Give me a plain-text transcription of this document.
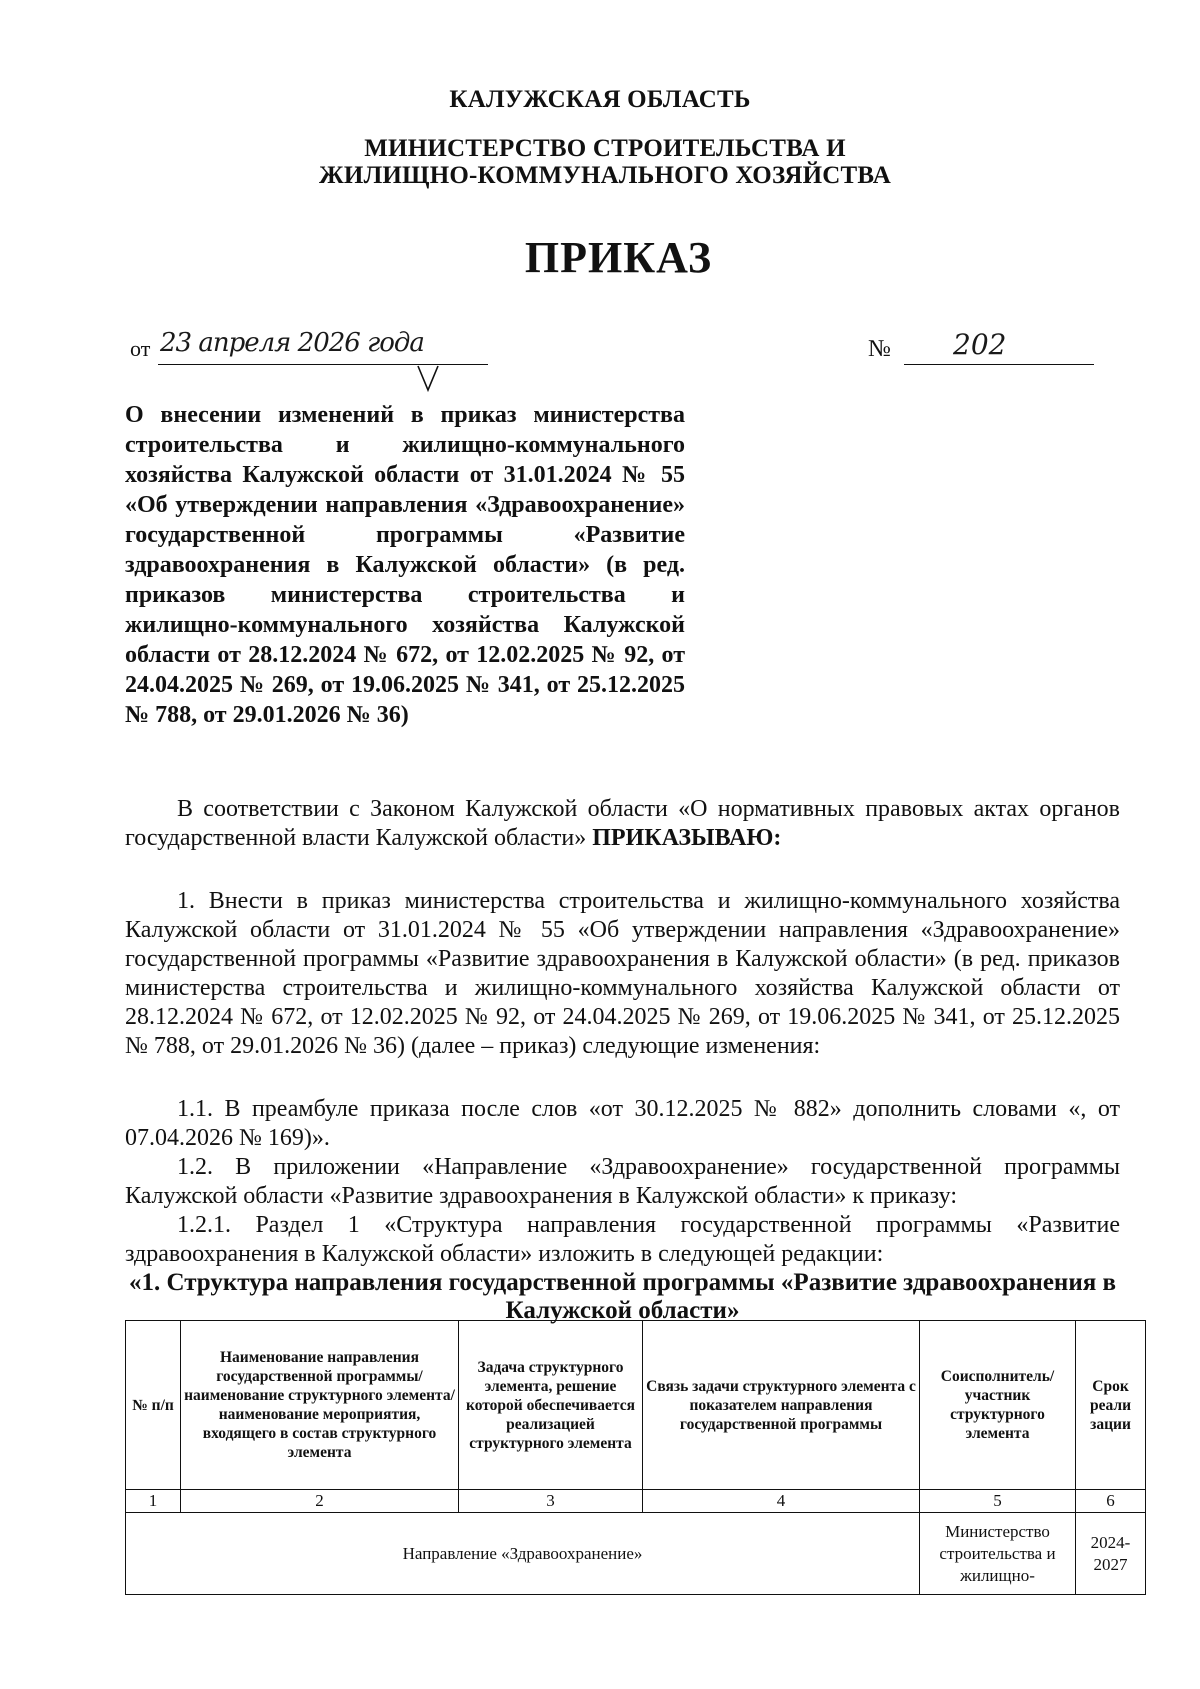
КАЛУЖСКАЯ ОБЛАСТЬ
МИНИСТЕРСТВО СТРОИТЕЛЬСТВА И
ЖИЛИЩНО-КОММУНАЛЬНОГО ХОЗЯЙСТВА
ПРИКАЗ
от 23 апреля 2026 года	№ 202
О внесении изменений в приказ министерства строительства и жилищно-коммунального хозяйства Калужской области от 31.01.2024 № 55 «Об утверждении направления «Здравоохранение» государственной программы «Развитие здравоохранения в Калужской области» (в ред. приказов министерства строительства и жилищно-коммунального хозяйства Калужской области от 28.12.2024 № 672, от 12.02.2025 № 92, от 24.04.2025 № 269, от 19.06.2025 № 341, от 25.12.2025 № 788, от 29.01.2026 № 36)
В соответствии с Законом Калужской области «О нормативных правовых актах органов государственной власти Калужской области» ПРИКАЗЫВАЮ:
1. Внести в приказ министерства строительства и жилищно-коммунального хозяйства Калужской области от 31.01.2024 № 55 «Об утверждении направления «Здравоохранение» государственной программы «Развитие здравоохранения в Калужской области» (в ред. приказов министерства строительства и жилищно-коммунального хозяйства Калужской области от 28.12.2024 № 672, от 12.02.2025 № 92, от 24.04.2025 № 269, от 19.06.2025 № 341, от 25.12.2025 № 788, от 29.01.2026 № 36) (далее – приказ) следующие изменения:
1.1. В преамбуле приказа после слов «от 30.12.2025 № 882» дополнить словами «, от 07.04.2026 № 169)».
1.2. В приложении «Направление «Здравоохранение» государственной программы Калужской области «Развитие здравоохранения в Калужской области» к приказу:
1.2.1. Раздел 1 «Структура направления государственной программы «Развитие здравоохранения в Калужской области» изложить в следующей редакции:
«1. Структура направления государственной программы «Развитие здравоохранения в Калужской области»
№ п/п	Наименование направления государственной программы/наименование структурного элемента/наименование мероприятия, входящего в состав структурного элемента	Задача структурного элемента, решение которой обеспечивается реализацией структурного элемента	Связь задачи структурного элемента с показателем направления государственной программы	Соисполнитель/ участник структурного элемента	Срок реали зации
1	2	3	4	5	6
Направление «Здравоохранение»				Министерство строительства и жилищно-	2024-2027
